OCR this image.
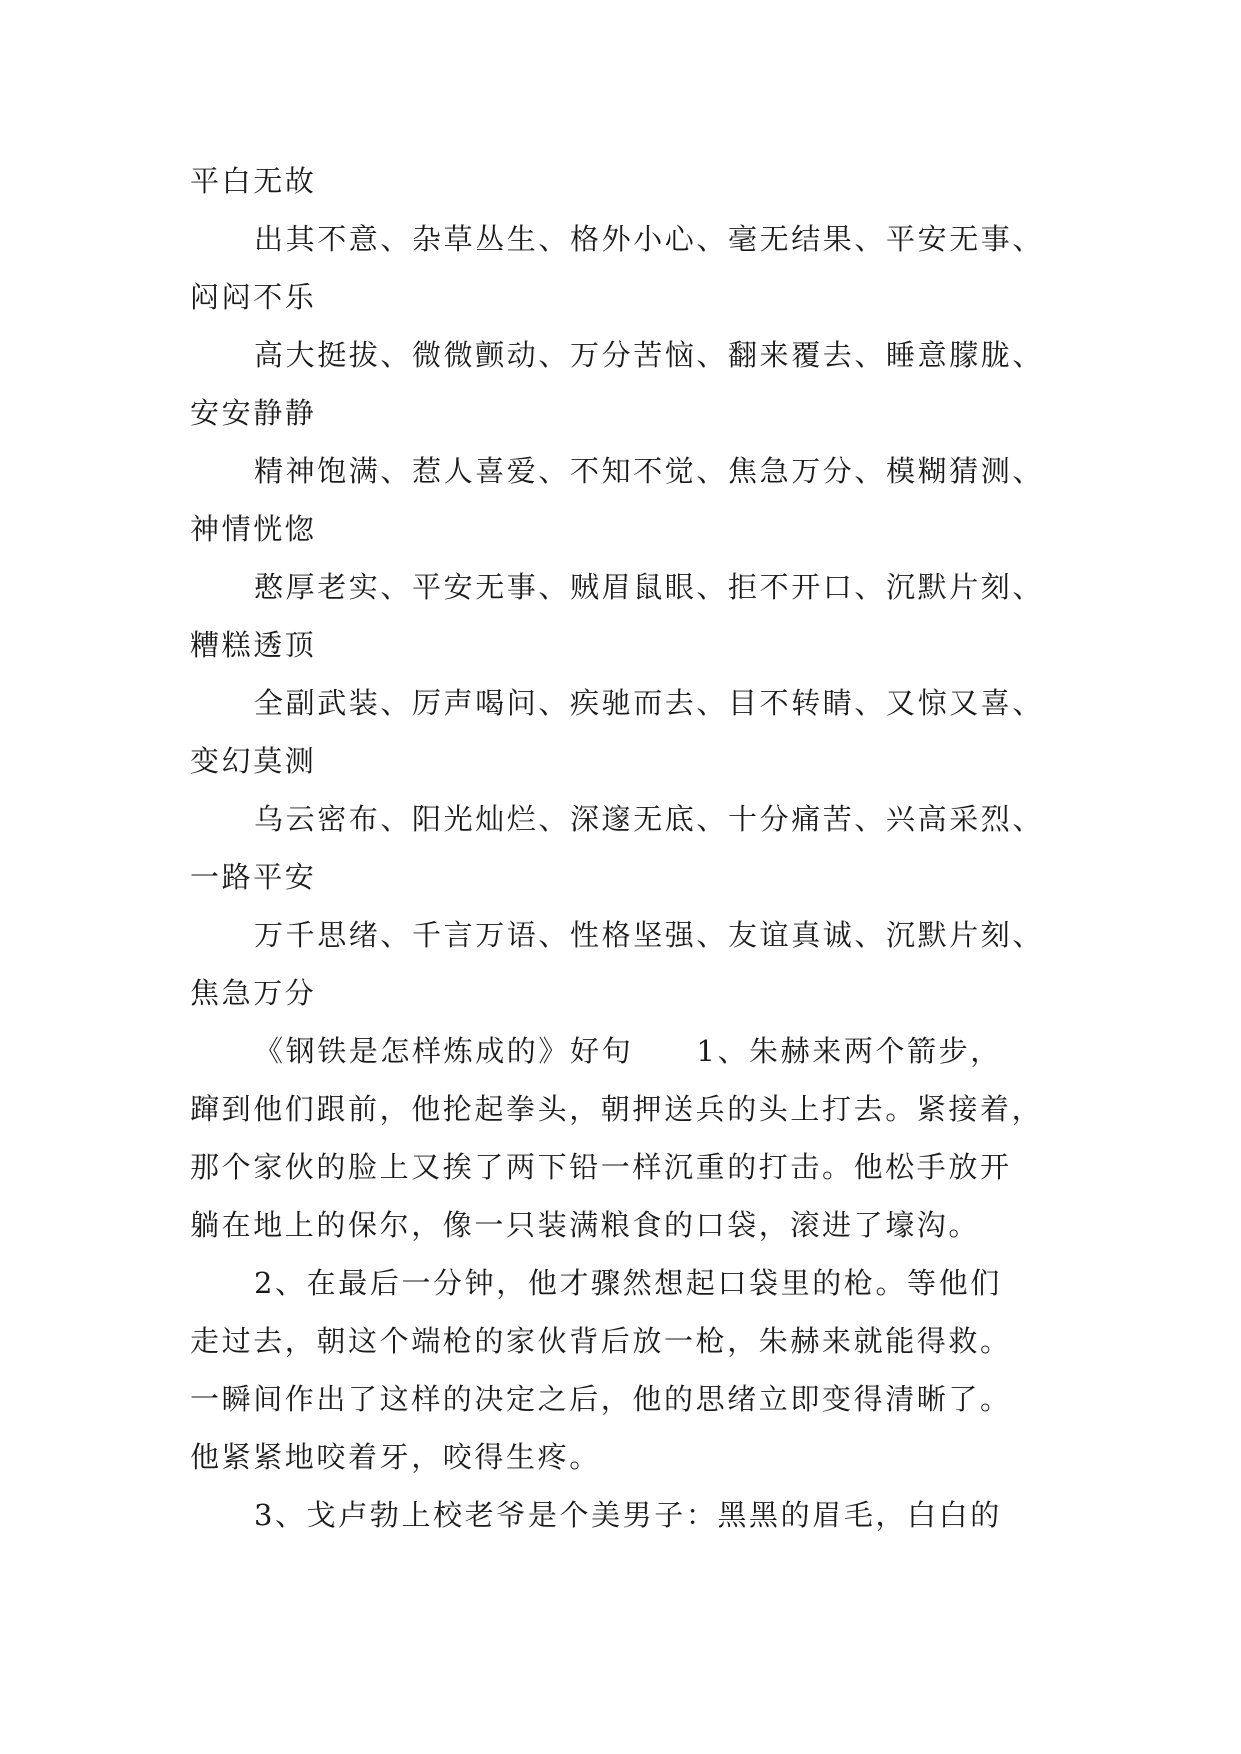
平白无故
出其不意、杂草丛生、格外小心、毫无结果、平安无事、
闷闷不乐
高大挺拔、微微颤动、万分苦恼、翻来覆去、睡意朦胧、
安安静静
精神饱满、惹人喜爱、不知不觉、焦急万分、模糊猜测、
神情恍惚
憨厚老实、平安无事、贼眉鼠眼、拒不开口、沉默片刻、
糟糕透顶
全副武装、厉声喝问、疾驰而去、目不转睛、又惊又喜、
变幻莫测
乌云密布、阳光灿烂、深邃无底、十分痛苦、兴高采烈、
一路平安
万千思绪、千言万语、性格坚强、友谊真诚、沉默片刻、
焦急万分
《钢铁是怎样炼成的》好句　　1、朱赫来两个箭步，
蹿到他们跟前，他抡起拳头，朝押送兵的头上打去。紧接着，
那个家伙的脸上又挨了两下铅一样沉重的打击。他松手放开
躺在地上的保尔，像一只装满粮食的口袋，滚进了壕沟。
2、在最后一分钟，他才骤然想起口袋里的枪。等他们
走过去，朝这个端枪的家伙背后放一枪，朱赫来就能得救。
一瞬间作出了这样的决定之后，他的思绪立即变得清晰了。
他紧紧地咬着牙，咬得生疼。
3、戈卢勃上校老爷是个美男子：黑黑的眉毛，白白的
